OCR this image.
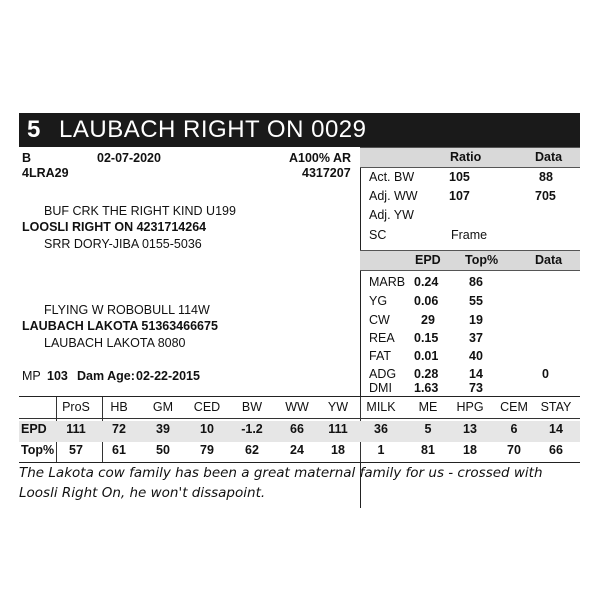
5 LAUBACH RIGHT ON 0029
B	02-07-2020	A100% AR
4LRA29	4317207
BUF CRK THE RIGHT KIND U199
LOOSLI RIGHT ON 4231714264
SRR DORY-JIBA 0155-5036
FLYING W ROBOBULL 114W
LAUBACH LAKOTA 51363466675
LAUBACH LAKOTA 8080
MP 103 Dam Age: 02-22-2015
Ratio	Data
Act. BW	105	88
Adj. WW	107	705
Adj. YW
SC	Frame
EPD Top%	Data
MARB 0.24 86
YG 0.06 55
CW 29	19
REA 0.15 37
FAT 0.01 40
ADG 0.28 14	0
DMI 1.63 73
ProS	HB	GM	CED	BW	WW	YW	MILK	ME	HPG	CEM	STAY
EPD	111	72	39	10	-1.2	66	111	36	5	13	6	14
Top%	57	61	50	79	62	24	18	1	81	18	70	66
The Lakota cow family has been a great maternal family for us - crossed with Loosli Right On, he won't dissapoint.
